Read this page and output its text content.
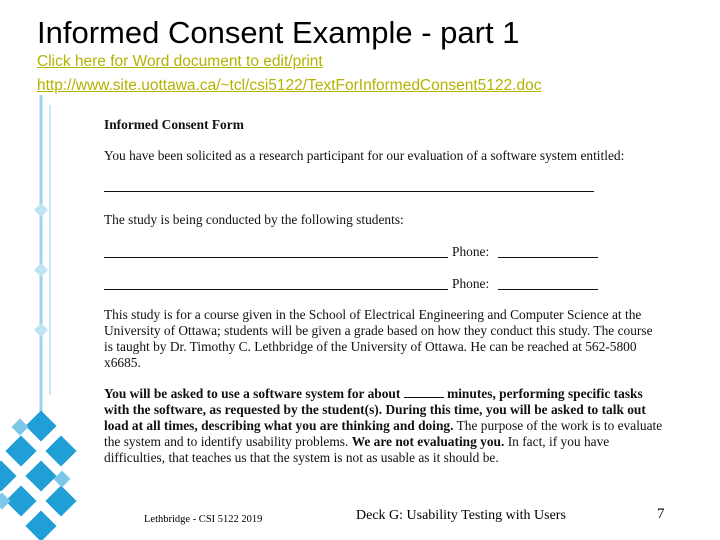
Informed Consent Example - part 1
Click here for Word document to edit/print
http://www.site.uottawa.ca/~tcl/csi5122/TextForInformedConsent5122.doc

Informed Consent Form

You have been solicited as a research participant for our evaluation of a software system entitled:

The study is being conducted by the following students:

Phone:
Phone:

This study is for a course given in the School of Electrical Engineering and Computer Science at the University of Ottawa; students will be given a grade based on how they conduct this study. The course is taught by Dr. Timothy C. Lethbridge of the University of Ottawa. He can be reached at 562-5800 x6685.

You will be asked to use a software system for about	minutes, performing specific tasks with the software, as requested by the student(s). During this time, you will be asked to talk out load at all times, describing what you are thinking and doing. The purpose of the work is to evaluate the system and to identify usability problems. We are not evaluating you. In fact, if you have difficulties, that teaches us that the system is not as usable as it should be.

Lethbridge - CSI 5122 2019	Deck G: Usability Testing with Users	7
